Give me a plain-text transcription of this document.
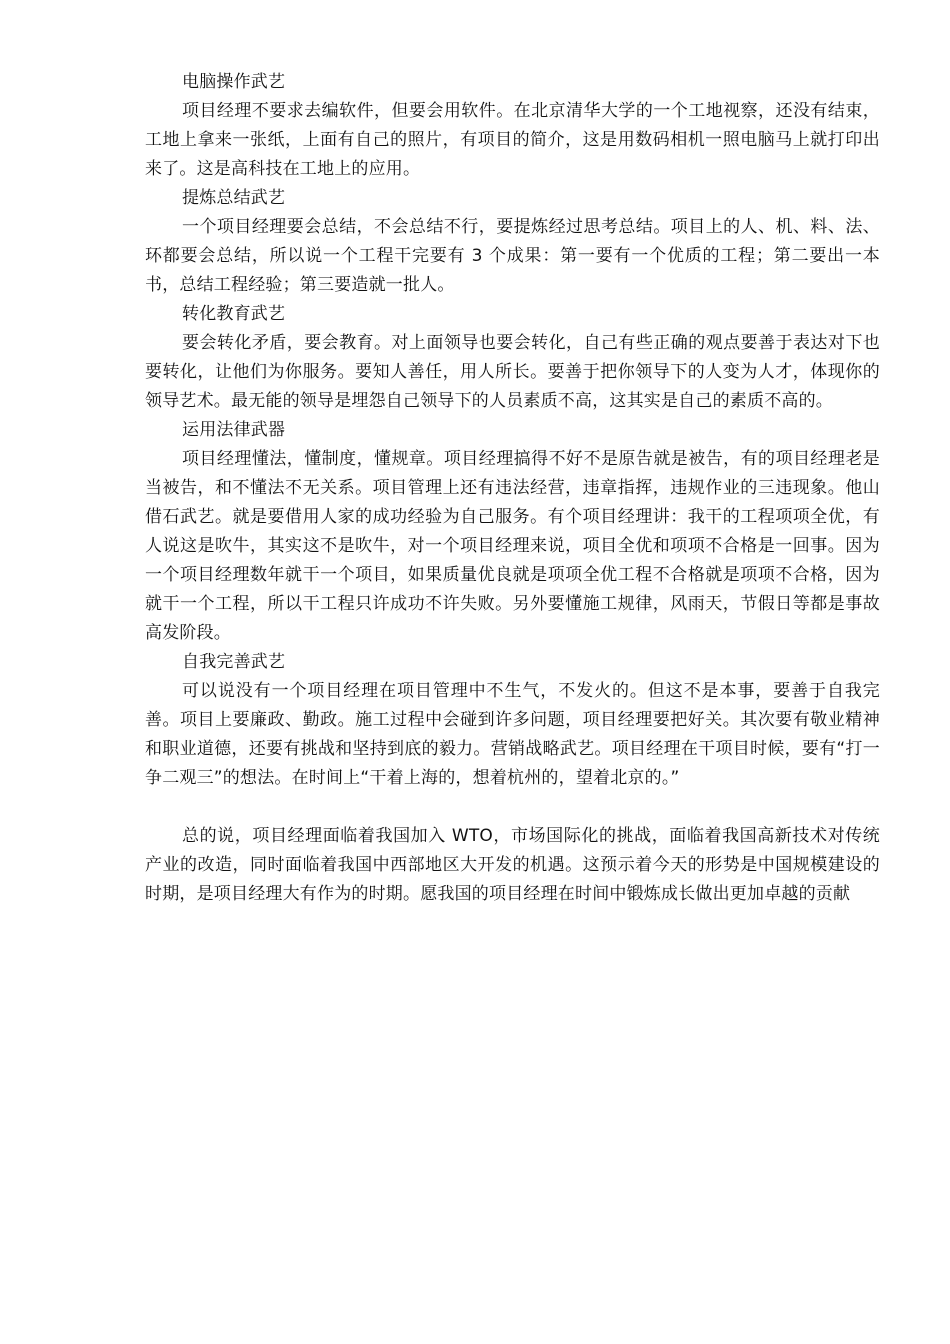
电脑操作武艺

项目经理不要求去编软件，但要会用软件。在北京清华大学的一个工地视察，还没有结束，工地上拿来一张纸，上面有自己的照片，有项目的简介，这是用数码相机一照电脑马上就打印出来了。这是高科技在工地上的应用。

提炼总结武艺

一个项目经理要会总结，不会总结不行，要提炼经过思考总结。项目上的人、机、料、法、环都要会总结，所以说一个工程干完要有 3 个成果：第一要有一个优质的工程；第二要出一本书，总结工程经验；第三要造就一批人。

转化教育武艺

要会转化矛盾，要会教育。对上面领导也要会转化，自己有些正确的观点要善于表达对下也要转化，让他们为你服务。要知人善任，用人所长。要善于把你领导下的人变为人才，体现你的领导艺术。最无能的领导是埋怨自己领导下的人员素质不高，这其实是自己的素质不高的。

运用法律武器

项目经理懂法，懂制度，懂规章。项目经理搞得不好不是原告就是被告，有的项目经理老是当被告，和不懂法不无关系。项目管理上还有违法经营，违章指挥，违规作业的三违现象。他山借石武艺。就是要借用人家的成功经验为自己服务。有个项目经理讲：我干的工程项项全优，有人说这是吹牛，其实这不是吹牛，对一个项目经理来说，项目全优和项项不合格是一回事。因为一个项目经理数年就干一个项目，如果质量优良就是项项全优工程不合格就是项项不合格，因为就干一个工程，所以干工程只许成功不许失败。另外要懂施工规律，风雨天，节假日等都是事故高发阶段。

自我完善武艺

可以说没有一个项目经理在项目管理中不生气，不发火的。但这不是本事，要善于自我完善。项目上要廉政、勤政。施工过程中会碰到许多问题，项目经理要把好关。其次要有敬业精神和职业道德，还要有挑战和坚持到底的毅力。营销战略武艺。项目经理在干项目时候，要有“打一争二观三”的想法。在时间上“干着上海的，想着杭州的，望着北京的。”

总的说，项目经理面临着我国加入 WTO，市场国际化的挑战，面临着我国高新技术对传统产业的改造，同时面临着我国中西部地区大开发的机遇。这预示着今天的形势是中国规模建设的时期，是项目经理大有作为的时期。愿我国的项目经理在时间中锻炼成长做出更加卓越的贡献
